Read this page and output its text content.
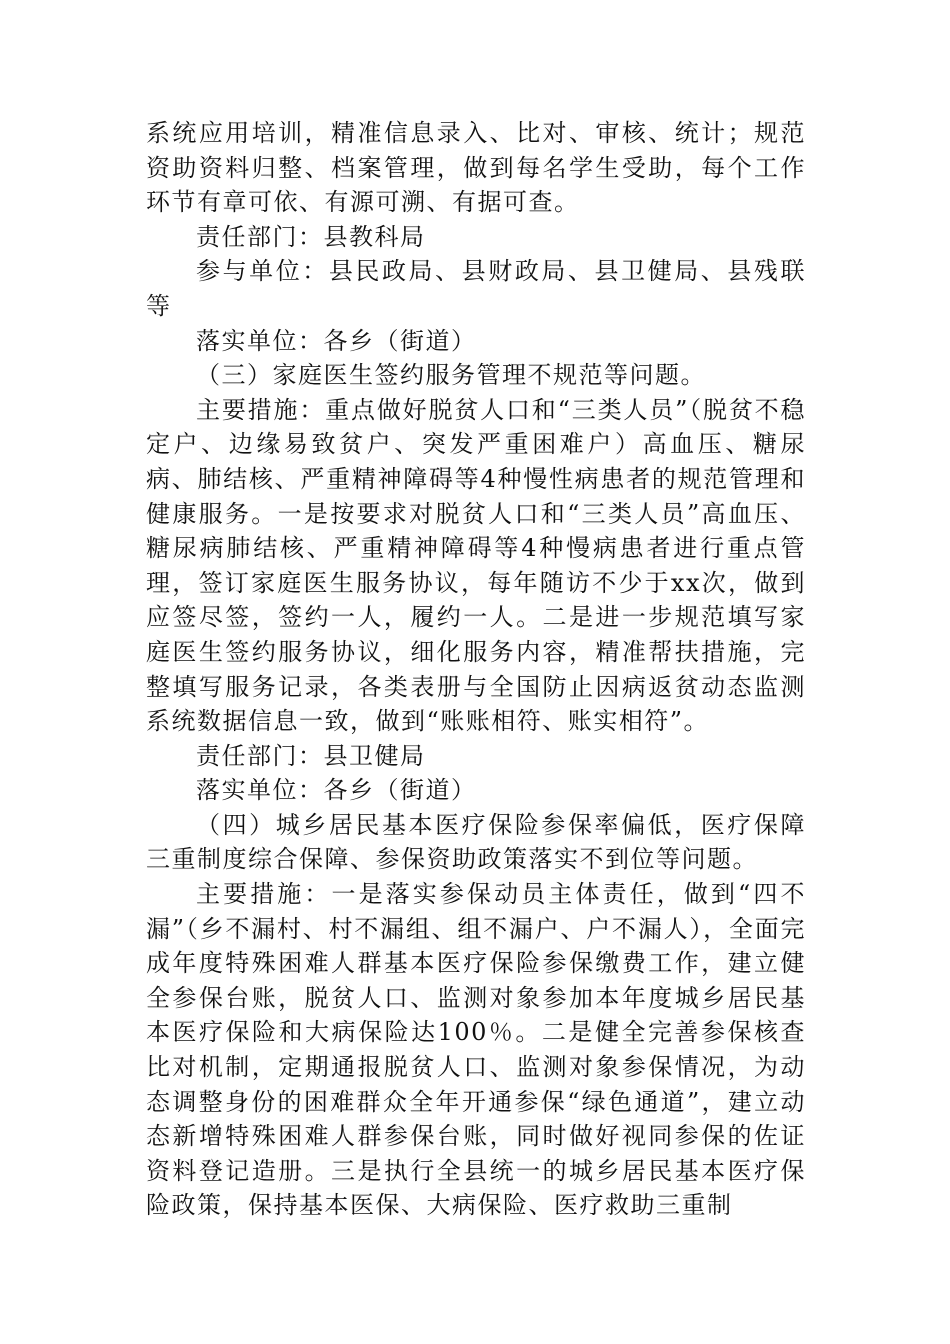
系统应用培训，精准信息录入、比对、审核、统计；规范资助资料归整、档案管理，做到每名学生受助，每个工作环节有章可依、有源可溯、有据可查。

责任部门：县教科局

参与单位：县民政局、县财政局、县卫健局、县残联等

落实单位：各乡（街道）

（三）家庭医生签约服务管理不规范等问题。

主要措施：重点做好脱贫人口和“三类人员”（脱贫不稳定户、边缘易致贫户、突发严重困难户）高血压、糖尿病、肺结核、严重精神障碍等4种慢性病患者的规范管理和健康服务。一是按要求对脱贫人口和“三类人员”高血压、糖尿病肺结核、严重精神障碍等4种慢病患者进行重点管理，签订家庭医生服务协议，每年随访不少于xx次，做到应签尽签，签约一人，履约一人。二是进一步规范填写家庭医生签约服务协议，细化服务内容，精准帮扶措施，完整填写服务记录，各类表册与全国防止因病返贫动态监测系统数据信息一致，做到“账账相符、账实相符”。

责任部门：县卫健局

落实单位：各乡（街道）

（四）城乡居民基本医疗保险参保率偏低，医疗保障三重制度综合保障、参保资助政策落实不到位等问题。

主要措施：一是落实参保动员主体责任，做到“四不漏”（乡不漏村、村不漏组、组不漏户、户不漏人），全面完成年度特殊困难人群基本医疗保险参保缴费工作，建立健全参保台账，脱贫人口、监测对象参加本年度城乡居民基本医疗保险和大病保险达100％。二是健全完善参保核查比对机制，定期通报脱贫人口、监测对象参保情况，为动态调整身份的困难群众全年开通参保“绿色通道”，建立动态新增特殊困难人群参保台账，同时做好视同参保的佐证资料登记造册。三是执行全县统一的城乡居民基本医疗保险政策，保持基本医保、大病保险、医疗救助三重制
